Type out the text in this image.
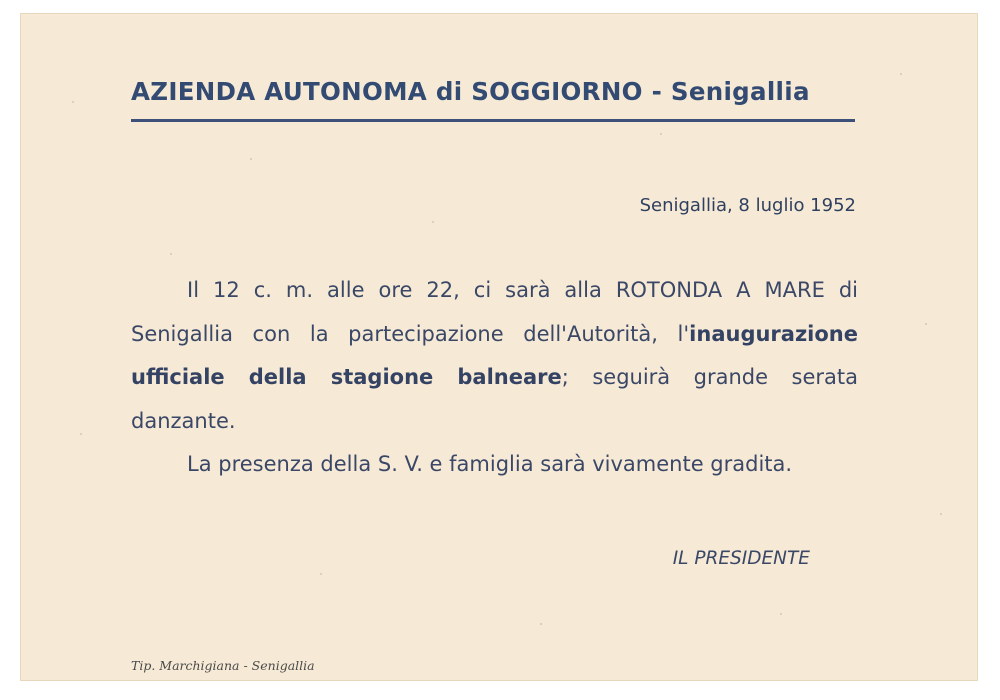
AZIENDA AUTONOMA di SOGGIORNO - Senigallia
Senigallia, 8 luglio 1952

Il 12 c. m. alle ore 22, ci sarà alla ROTONDA A MARE di Senigallia con la partecipazione dell'Autorità, l'inaugurazione ufficiale della stagione balneare; seguirà grande serata danzante.

La presenza della S. V. e famiglia sarà vivamente gradita.

IL PRESIDENTE
Tip. Marchigiana - Senigallia
